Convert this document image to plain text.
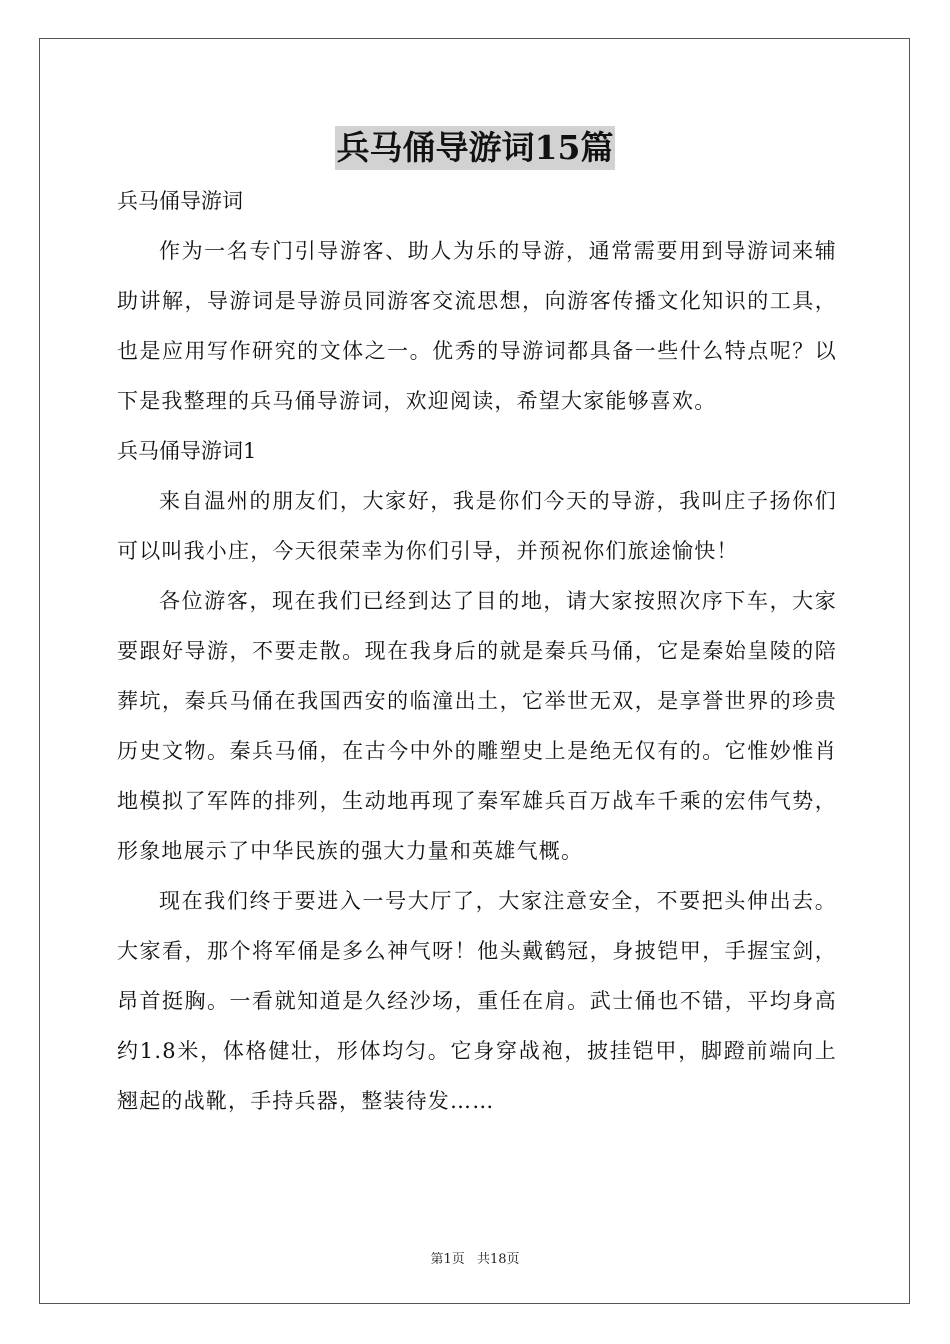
兵马俑导游词15篇

兵马俑导游词

作为一名专门引导游客、助人为乐的导游，通常需要用到导游词来辅助讲解，导游词是导游员同游客交流思想，向游客传播文化知识的工具，也是应用写作研究的文体之一。优秀的导游词都具备一些什么特点呢？以下是我整理的兵马俑导游词，欢迎阅读，希望大家能够喜欢。

兵马俑导游词1

来自温州的朋友们，大家好，我是你们今天的导游，我叫庄子扬你们可以叫我小庄，今天很荣幸为你们引导，并预祝你们旅途愉快！

各位游客，现在我们已经到达了目的地，请大家按照次序下车，大家要跟好导游，不要走散。现在我身后的就是秦兵马俑，它是秦始皇陵的陪葬坑，秦兵马俑在我国西安的临潼出土，它举世无双，是享誉世界的珍贵历史文物。秦兵马俑，在古今中外的雕塑史上是绝无仅有的。它惟妙惟肖地模拟了军阵的排列，生动地再现了秦军雄兵百万战车千乘的宏伟气势，形象地展示了中华民族的强大力量和英雄气概。

现在我们终于要进入一号大厅了，大家注意安全，不要把头伸出去。大家看，那个将军俑是多么神气呀！他头戴鹤冠，身披铠甲，手握宝剑，昂首挺胸。一看就知道是久经沙场，重任在肩。武士俑也不错，平均身高约1.8米，体格健壮，形体均匀。它身穿战袍，披挂铠甲，脚蹬前端向上翘起的战靴，手持兵器，整装待发……

第1页 共18页
